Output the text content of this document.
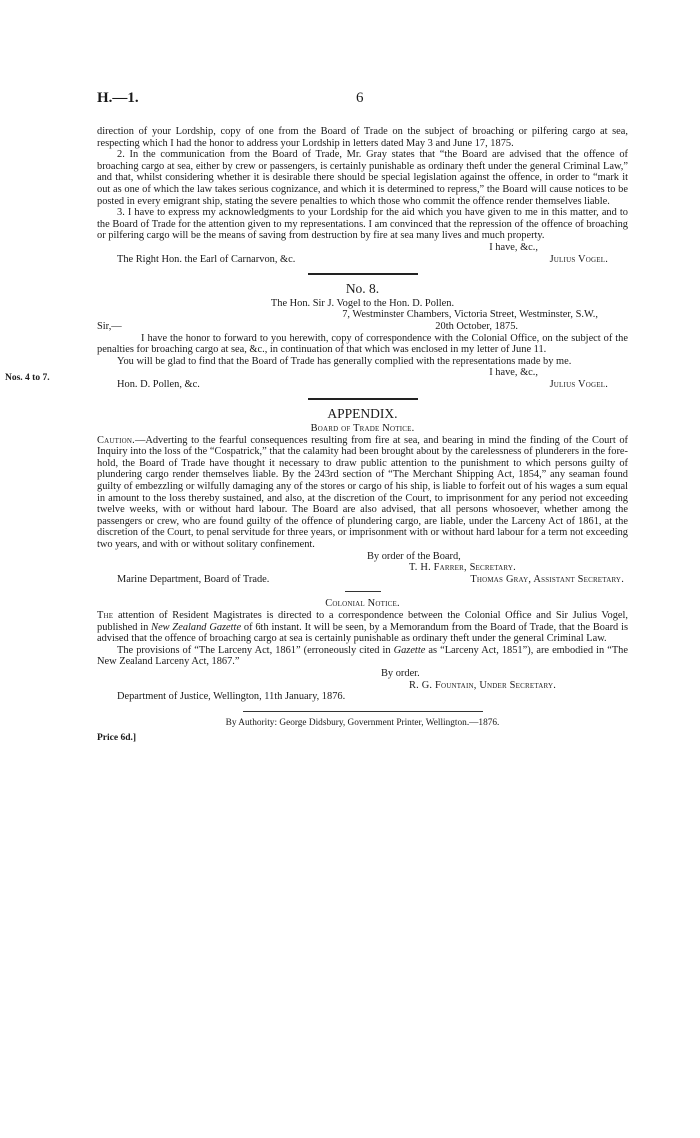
H.—1.	6
Nos. 4 to 7.

direction of your Lordship, copy of one from the Board of Trade on the subject of broaching or pilfering cargo at sea, respecting which I had the honor to address your Lordship in letters dated May 3 and June 17, 1875.

2. In the communication from the Board of Trade, Mr. Gray states that “the Board are advised that the offence of broaching cargo at sea, either by crew or passengers, is certainly punishable as ordinary theft under the general Criminal Law,” and that, whilst considering whether it is desirable there should be special legislation against the offence, in order to “mark it out as one of which the law takes serious cognizance, and which it is determined to repress,” the Board will cause notices to be posted in every emigrant ship, stating the severe penalties to which those who commit the offence render themselves liable.

3. I have to express my acknowledgments to your Lordship for the aid which you have given to me in this matter, and to the Board of Trade for the attention given to my representations. I am convinced that the repression of the offence of broaching or pilfering cargo will be the means of saving from destruction by fire at sea many lives and much property.

I have, &c.,
The Right Hon. the Earl of Carnarvon, &c.	Julius Vogel.
No. 8.
The Hon. Sir J. Vogel to the Hon. D. Pollen.
7, Westminster Chambers, Victoria Street, Westminster, S.W.,
Sir,—	20th October, 1875.

I have the honor to forward to you herewith, copy of correspondence with the Colonial Office, on the subject of the penalties for broaching cargo at sea, &c., in continuation of that which was enclosed in my letter of June 11.

You will be glad to find that the Board of Trade has generally complied with the representations made by me.

I have, &c.,
Hon. D. Pollen, &c.	Julius Vogel.
APPENDIX.
Board of Trade Notice.

Caution.—Adverting to the fearful consequences resulting from fire at sea, and bearing in mind the finding of the Court of Inquiry into the loss of the “Cospatrick,” that the calamity had been brought about by the carelessness of plunderers in the fore-hold, the Board of Trade have thought it necessary to draw public attention to the punishment to which persons guilty of plundering cargo render themselves liable. By the 243rd section of “The Merchant Shipping Act, 1854,” any seaman found guilty of embezzling or wilfully damaging any of the stores or cargo of his ship, is liable to forfeit out of his wages a sum equal in amount to the loss thereby sustained, and also, at the discretion of the Court, to imprisonment for any period not exceeding twelve weeks, with or without hard labour. The Board are also advised, that all persons whosoever, whether among the passengers or crew, who are found guilty of the offence of plundering cargo, are liable, under the Larceny Act of 1861, at the discretion of the Court, to penal servitude for three years, or imprisonment with or without hard labour for a term not exceeding two years, and with or without solitary confinement.

By order of the Board,
T. H. Farrer, Secretary.
Marine Department, Board of Trade.	Thomas Gray, Assistant Secretary.
Colonial Notice.

The attention of Resident Magistrates is directed to a correspondence between the Colonial Office and Sir Julius Vogel, published in New Zealand Gazette of 6th instant. It will be seen, by a Memorandum from the Board of Trade, that the Board is advised that the offence of broaching cargo at sea is certainly punishable as ordinary theft under the general Criminal Law.

The provisions of “The Larceny Act, 1861” (erroneously cited in Gazette as “Larceny Act, 1851”), are embodied in “The New Zealand Larceny Act, 1867.”

By order.
R. G. Fountain, Under Secretary.
Department of Justice, Wellington, 11th January, 1876.
By Authority: George Didsbury, Government Printer, Wellington.—1876.
Price 6d.]
